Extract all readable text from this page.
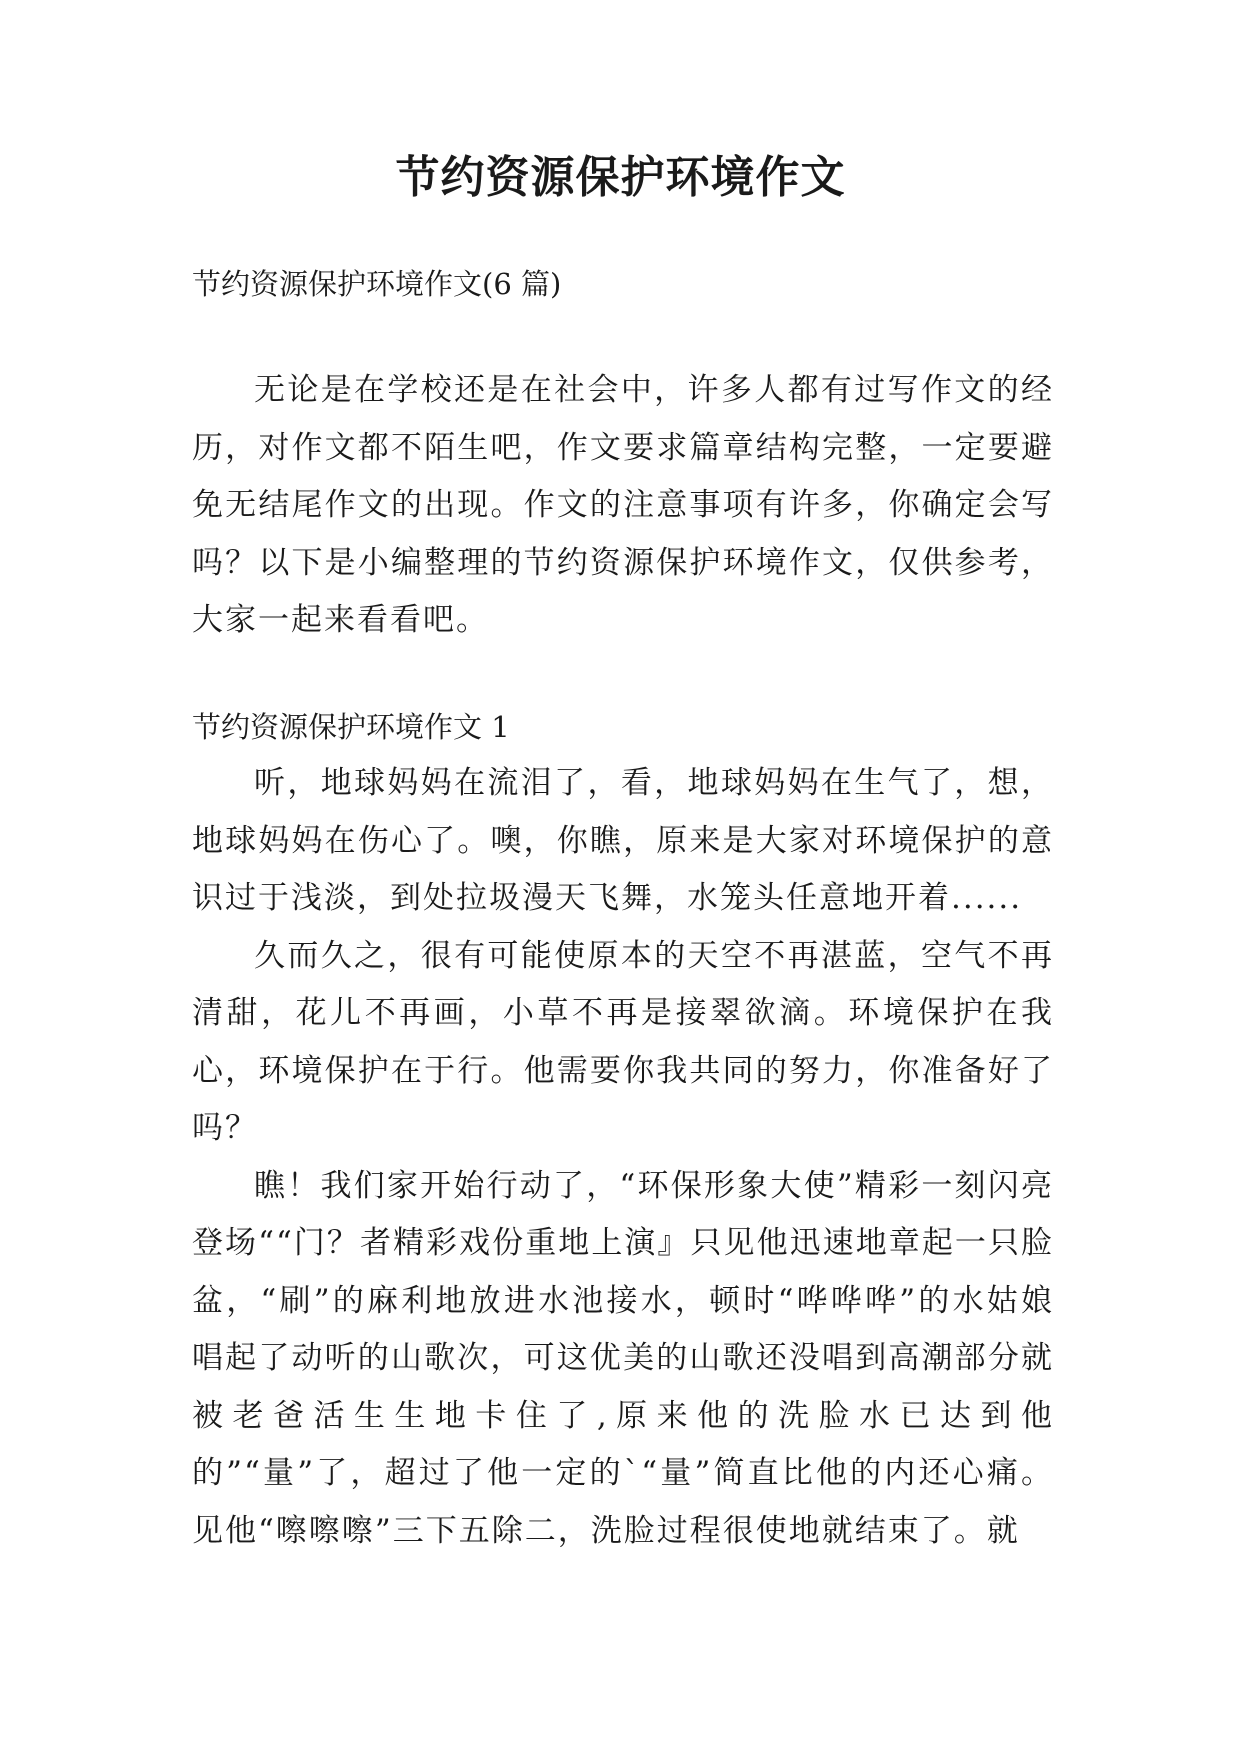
节约资源保护环境作文
节约资源保护环境作文(6 篇)

无论是在学校还是在社会中，许多人都有过写作文的经历，对作文都不陌生吧，作文要求篇章结构完整，一定要避免无结尾作文的出现。作文的注意事项有许多，你确定会写吗？以下是小编整理的节约资源保护环境作文，仅供参考，大家一起来看看吧。

节约资源保护环境作文 1

听，地球妈妈在流泪了，看，地球妈妈在生气了，想，地球妈妈在伤心了。噢，你瞧，原来是大家对环境保护的意识过于浅淡，到处拉圾漫天飞舞，水笼头任意地开着......

久而久之，很有可能使原本的天空不再湛蓝，空气不再清甜，花儿不再画，小草不再是接翠欲滴。环境保护在我心，环境保护在于行。他需要你我共同的努力，你准备好了吗？

瞧！我们家开始行动了，“环保形象大使”精彩一刻闪亮登场““门？者精彩戏份重地上演』只见他迅速地章起一只脸盆，“刷”的麻利地放进水池接水，顿时“哗哗哗”的水姑娘唱起了动听的山歌次，可这优美的山歌还没唱到高潮部分就被老爸活生生地卡住了,原来他的洗脸水已达到他的”“量”了，超过了他一定的`“量”简直比他的内还心痛。见他“嚓嚓嚓”三下五除二，洗脸过程很使地就结束了。就
